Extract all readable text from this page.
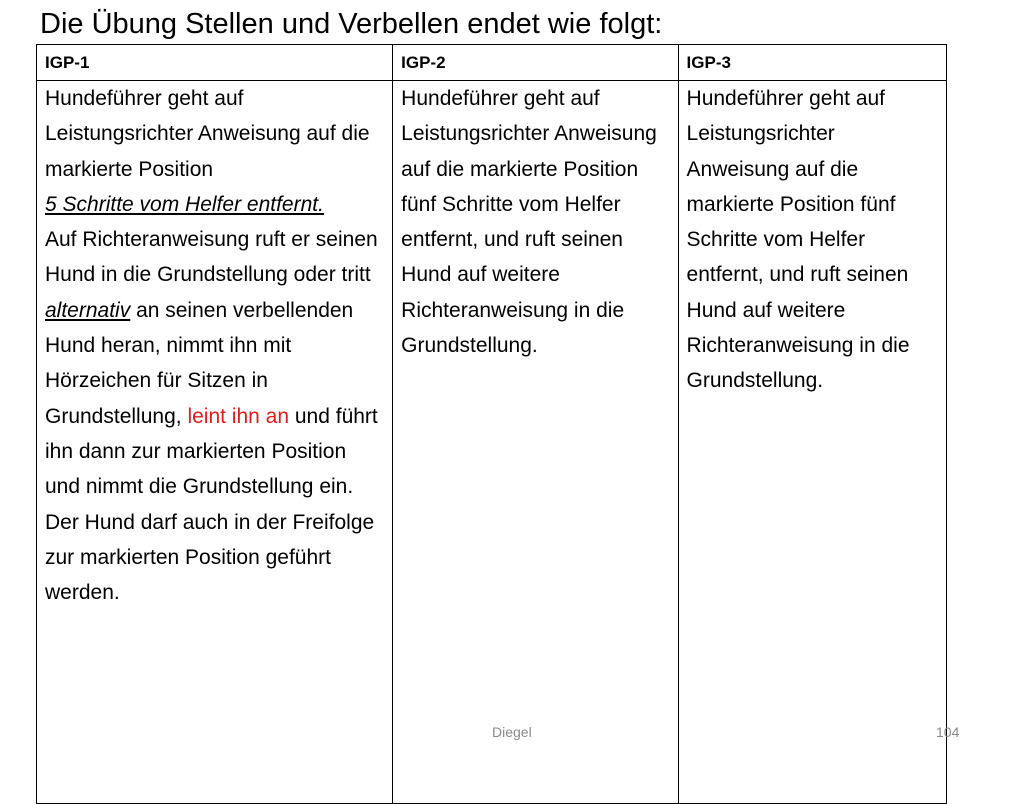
Die Übung Stellen und Verbellen endet wie folgt:
IGP-1	IGP-2	IGP-3
Hundeführer geht auf Leistungsrichter Anweisung auf die markierte Position
5 Schritte vom Helfer entfernt.
Auf Richteranweisung ruft er seinen Hund in die Grundstellung oder tritt alternativ an seinen verbellenden Hund heran, nimmt ihn mit Hörzeichen für Sitzen in Grundstellung, leint ihn an und führt ihn dann zur markierten Position und nimmt die Grundstellung ein.
Der Hund darf auch in der Freifolge zur markierten Position geführt werden.	Hundeführer geht auf Leistungsrichter Anweisung auf die markierte Position fünf Schritte vom Helfer entfernt, und ruft seinen Hund auf weitere Richteranweisung in die Grundstellung.	Hundeführer geht auf Leistungsrichter Anweisung auf die markierte Position fünf Schritte vom Helfer entfernt, und ruft seinen Hund auf weitere Richteranweisung in die Grundstellung.
Diegel	104
